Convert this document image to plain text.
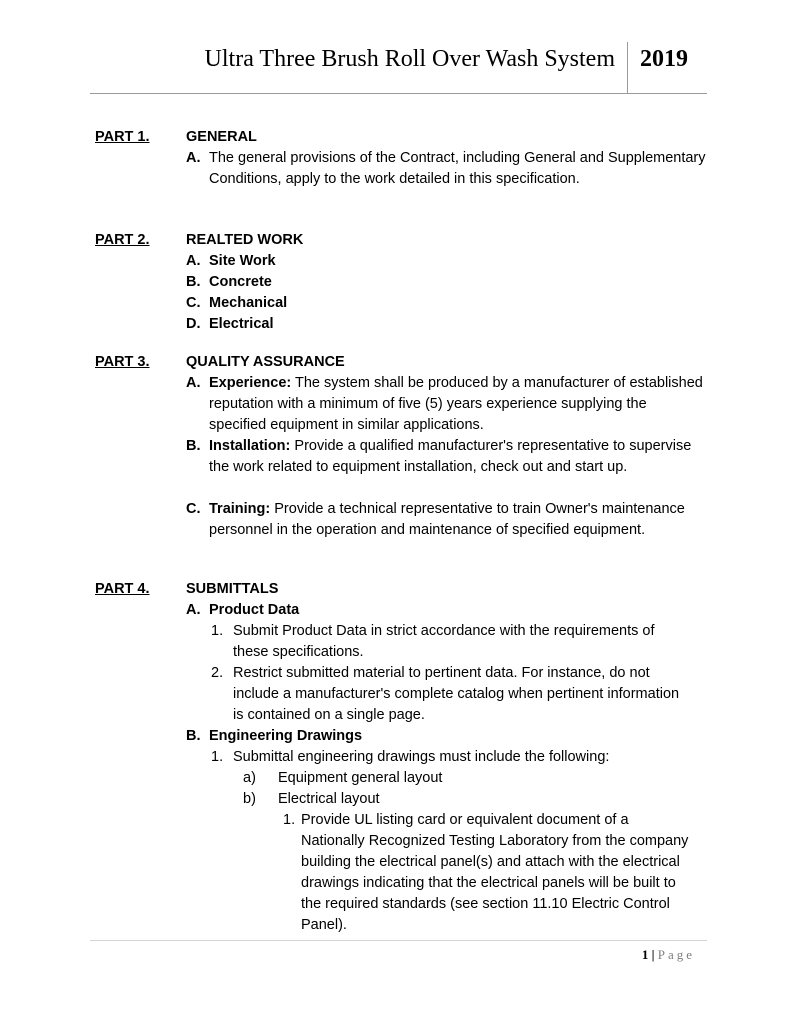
Ultra Three Brush Roll Over Wash System 2019
PART 1.	GENERAL
A. The general provisions of the Contract, including General and Supplementary Conditions, apply to the work detailed in this specification.
PART 2.	REALTED WORK
A. Site Work
B. Concrete
C. Mechanical
D. Electrical
PART 3.	QUALITY ASSURANCE
A. Experience: The system shall be produced by a manufacturer of established reputation with a minimum of five (5) years experience supplying the specified equipment in similar applications.
B. Installation: Provide a qualified manufacturer's representative to supervise the work related to equipment installation, check out and start up.
C. Training: Provide a technical representative to train Owner's maintenance personnel in the operation and maintenance of specified equipment.
PART 4.	SUBMITTALS
A. Product Data
1. Submit Product Data in strict accordance with the requirements of these specifications.
2. Restrict submitted material to pertinent data. For instance, do not include a manufacturer's complete catalog when pertinent information is contained on a single page.
B. Engineering Drawings
1. Submittal engineering drawings must include the following:
a) Equipment general layout
b) Electrical layout
1. Provide UL listing card or equivalent document of a Nationally Recognized Testing Laboratory from the company building the electrical panel(s) and attach with the electrical drawings indicating that the electrical panels will be built to the required standards (see section 11.10 Electric Control Panel).
1 | Page
